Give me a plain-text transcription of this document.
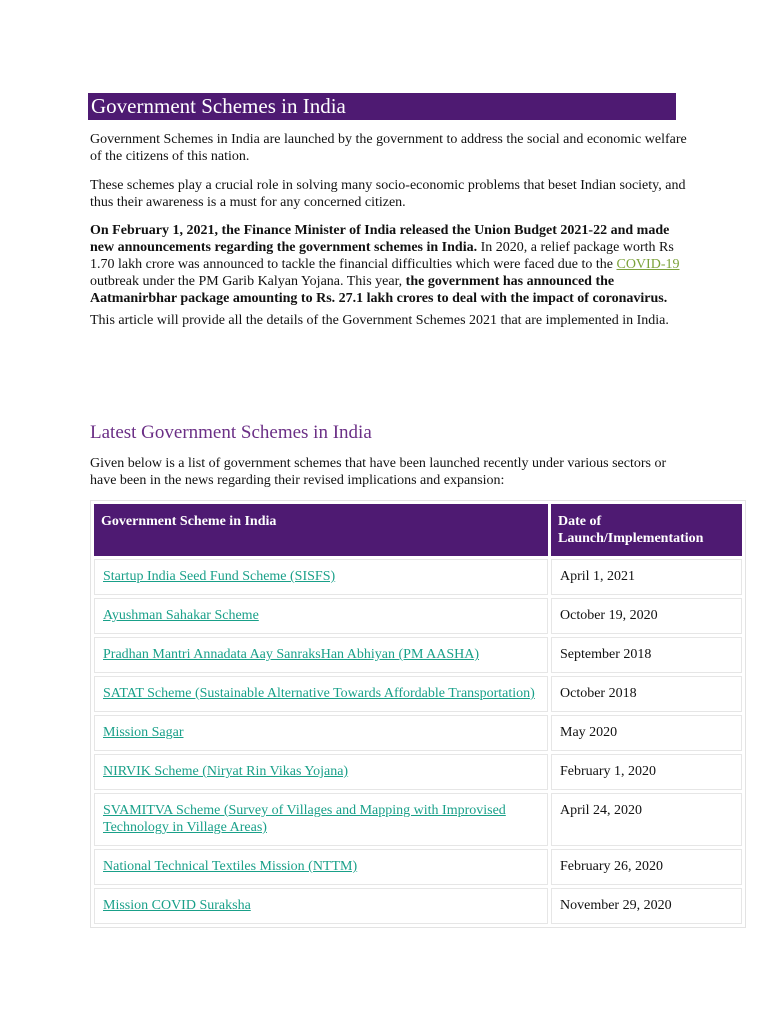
Government Schemes in India

Government Schemes in India are launched by the government to address the social and economic welfare of the citizens of this nation.

These schemes play a crucial role in solving many socio-economic problems that beset Indian society, and thus their awareness is a must for any concerned citizen.

On February 1, 2021, the Finance Minister of India released the Union Budget 2021-22 and made new announcements regarding the government schemes in India. In 2020, a relief package worth Rs 1.70 lakh crore was announced to tackle the financial difficulties which were faced due to the COVID-19 outbreak under the PM Garib Kalyan Yojana. This year, the government has announced the Aatmanirbhar package amounting to Rs. 27.1 lakh crores to deal with the impact of coronavirus.

This article will provide all the details of the Government Schemes 2021 that are implemented in India.

Latest Government Schemes in India

Given below is a list of government schemes that have been launched recently under various sectors or have been in the news regarding their revised implications and expansion:

Government Scheme in India	Date of Launch/Implementation
Startup India Seed Fund Scheme (SISFS)	April 1, 2021
Ayushman Sahakar Scheme	October 19, 2020
Pradhan Mantri Annadata Aay SanraksHan Abhiyan (PM AASHA)	September 2018
SATAT Scheme (Sustainable Alternative Towards Affordable Transportation)	October 2018
Mission Sagar	May 2020
NIRVIK Scheme (Niryat Rin Vikas Yojana)	February 1, 2020
SVAMITVA Scheme (Survey of Villages and Mapping with Improvised Technology in Village Areas)	April 24, 2020
National Technical Textiles Mission (NTTM)	February 26, 2020
Mission COVID Suraksha	November 29, 2020
